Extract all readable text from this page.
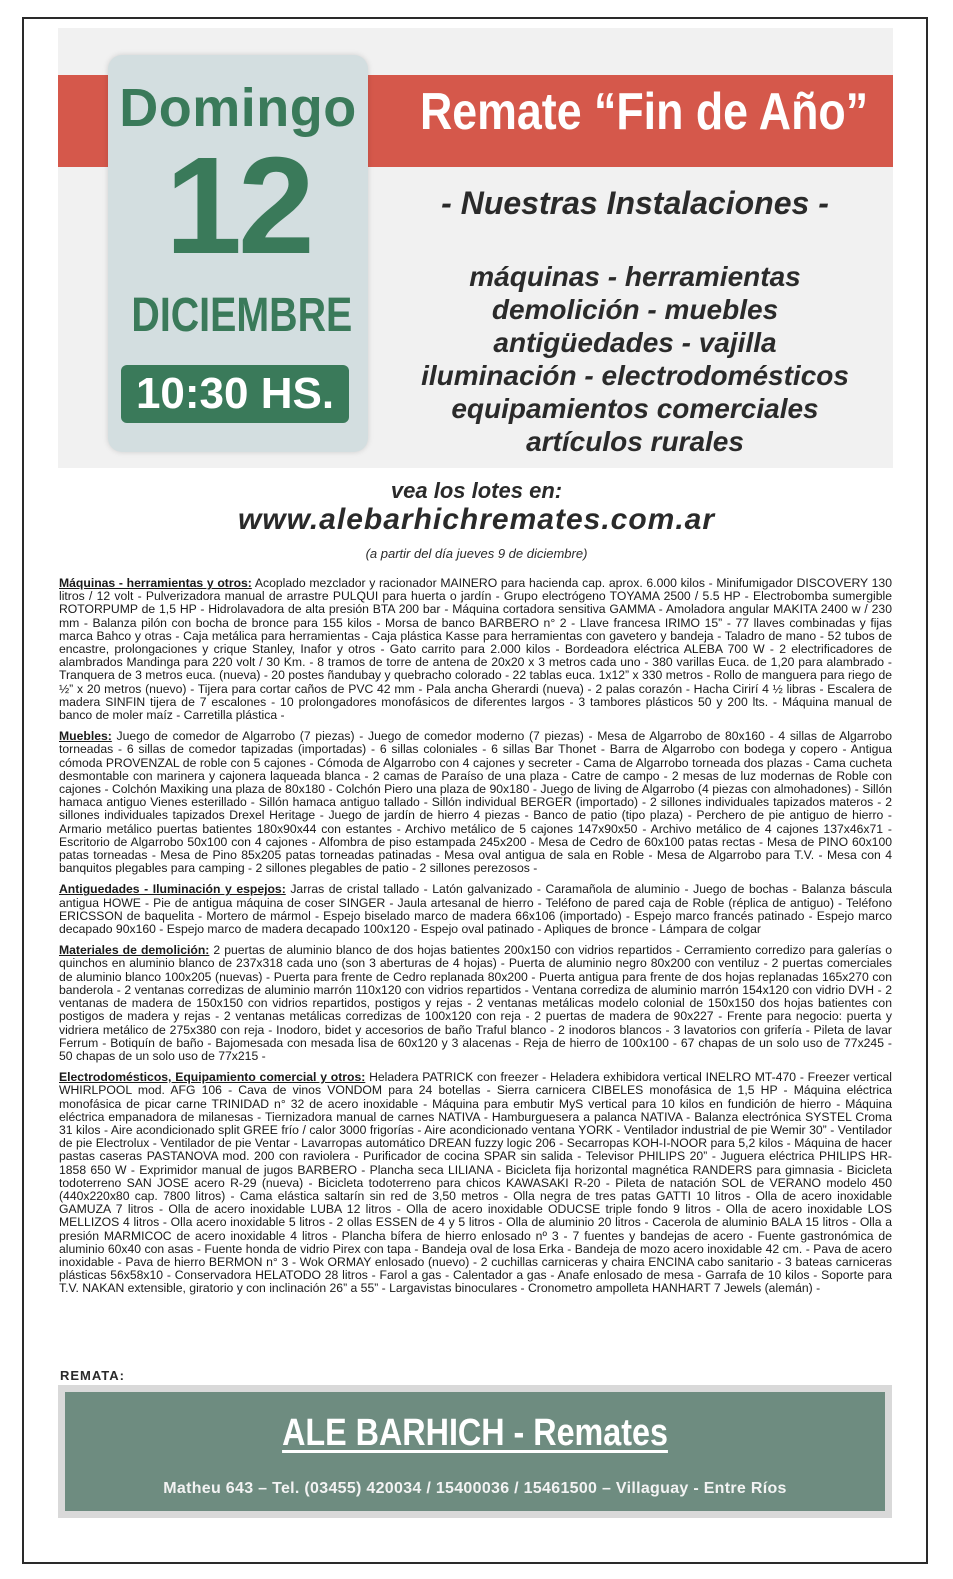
Domingo
12
DICIEMBRE
10:30 HS.
Remate “Fin de Año”
- Nuestras Instalaciones -
máquinas - herramientas
demolición - muebles
antigüedades - vajilla
iluminación - electrodomésticos
equipamientos comerciales
artículos rurales
vea los lotes en:
www.alebarhichremates.com.ar
(a partir del día jueves 9 de diciembre)

Máquinas - herramientas y otros: Acoplado mezclador y racionador MAINERO para hacienda cap. aprox. 6.000 kilos - Minifumigador DISCOVERY 130 litros / 12 volt - Pulverizadora manual de arrastre PULQUI para huerta o jardín - Grupo electrógeno TOYAMA 2500 / 5.5 HP - Electrobomba sumergible ROTORPUMP de 1,5 HP - Hidrolavadora de alta presión BTA 200 bar - Máquina cortadora sensitiva GAMMA - Amoladora angular MAKITA 2400 w / 230 mm - Balanza pilón con bocha de bronce para 155 kilos - Morsa de banco BARBERO n° 2 - Llave francesa IRIMO 15” - 77 llaves combinadas y fijas marca Bahco y otras - Caja metálica para herramientas - Caja plástica Kasse para herramientas con gavetero y bandeja - Taladro de mano - 52 tubos de encastre, prolongaciones y crique Stanley, Inafor y otros - Gato carrito para 2.000 kilos - Bordeadora eléctrica ALEBA 700 W - 2 electrificadores de alambrados Mandinga para 220 volt / 30 Km. - 8 tramos de torre de antena de 20x20 x 3 metros cada uno - 380 varillas Euca. de 1,20 para alambrado - Tranquera de 3 metros euca. (nueva) - 20 postes ñandubay y quebracho colorado - 22 tablas euca. 1x12” x 330 metros - Rollo de manguera para riego de ½” x 20 metros (nuevo) - Tijera para cortar caños de PVC 42 mm - Pala ancha Gherardi (nueva) - 2 palas corazón - Hacha Cirirí 4 ½ libras - Escalera de madera SINFIN tijera de 7 escalones - 10 prolongadores monofásicos de diferentes largos - 3 tambores plásticos 50 y 200 lts. - Máquina manual de banco de moler maíz - Carretilla plástica -

Muebles: Juego de comedor de Algarrobo (7 piezas) - Juego de comedor moderno (7 piezas) - Mesa de Algarrobo de 80x160 - 4 sillas de Algarrobo torneadas - 6 sillas de comedor tapizadas (importadas) - 6 sillas coloniales - 6 sillas Bar Thonet - Barra de Algarrobo con bodega y copero - Antigua cómoda PROVENZAL de roble con 5 cajones - Cómoda de Algarrobo con 4 cajones y secreter - Cama de Algarrobo torneada dos plazas - Cama cucheta desmontable con marinera y cajonera laqueada blanca - 2 camas de Paraíso de una plaza - Catre de campo - 2 mesas de luz modernas de Roble con cajones - Colchón Maxiking una plaza de 80x180 - Colchón Piero una plaza de 90x180 - Juego de living de Algarrobo (4 piezas con almohadones) - Sillón hamaca antiguo Vienes esterillado - Sillón hamaca antiguo tallado - Sillón individual BERGER (importado) - 2 sillones individuales tapizados materos - 2 sillones individuales tapizados Drexel Heritage - Juego de jardín de hierro 4 piezas - Banco de patio (tipo plaza) - Perchero de pie antiguo de hierro - Armario metálico puertas batientes 180x90x44 con estantes - Archivo metálico de 5 cajones 147x90x50 - Archivo metálico de 4 cajones 137x46x71 - Escritorio de Algarrobo 50x100 con 4 cajones - Alfombra de piso estampada 245x200 - Mesa de Cedro de 60x100 patas rectas - Mesa de PINO 60x100 patas torneadas - Mesa de Pino 85x205 patas torneadas patinadas - Mesa oval antigua de sala en Roble - Mesa de Algarrobo para T.V. - Mesa con 4 banquitos plegables para camping - 2 sillones plegables de patio - 2 sillones perezosos -

Antiguedades - Iluminación y espejos: Jarras de cristal tallado - Latón galvanizado - Caramañola de aluminio - Juego de bochas - Balanza báscula antigua HOWE - Pie de antigua máquina de coser SINGER - Jaula artesanal de hierro - Teléfono de pared caja de Roble (réplica de antiguo) - Teléfono ERICSSON de baquelita - Mortero de mármol - Espejo biselado marco de madera 66x106 (importado) - Espejo marco francés patinado - Espejo marco decapado 90x160 - Espejo marco de madera decapado 100x120 - Espejo oval patinado - Apliques de bronce - Lámpara de colgar

Materiales de demolición: 2 puertas de aluminio blanco de dos hojas batientes 200x150 con vidrios repartidos - Cerramiento corredizo para galerías o quinchos en aluminio blanco de 237x318 cada uno (son 3 aberturas de 4 hojas) - Puerta de aluminio negro 80x200 con ventiluz - 2 puertas comerciales de aluminio blanco 100x205 (nuevas) - Puerta para frente de Cedro replanada 80x200 - Puerta antigua para frente de dos hojas replanadas 165x270 con banderola - 2 ventanas corredizas de aluminio marrón 110x120 con vidrios repartidos - Ventana corrediza de aluminio marrón 154x120 con vidrio DVH - 2 ventanas de madera de 150x150 con vidrios repartidos, postigos y rejas - 2 ventanas metálicas modelo colonial de 150x150 dos hojas batientes con postigos de madera y rejas - 2 ventanas metálicas corredizas de 100x120 con reja - 2 puertas de madera de 90x227 - Frente para negocio: puerta y vidriera metálico de 275x380 con reja - Inodoro, bidet y accesorios de baño Traful blanco - 2 inodoros blancos - 3 lavatorios con grifería - Pileta de lavar Ferrum - Botiquín de baño - Bajomesada con mesada lisa de 60x120 y 3 alacenas - Reja de hierro de 100x100 - 67 chapas de un solo uso de 77x245 - 50 chapas de un solo uso de 77x215 -

Electrodomésticos, Equipamiento comercial y otros: Heladera PATRICK con freezer - Heladera exhibidora vertical INELRO MT-470 - Freezer vertical WHIRLPOOL mod. AFG 106 - Cava de vinos VONDOM para 24 botellas - Sierra carnicera CIBELES monofásica de 1,5 HP - Máquina eléctrica monofásica de picar carne TRINIDAD n° 32 de acero inoxidable - Máquina para embutir MyS vertical para 10 kilos en fundición de hierro - Máquina eléctrica empanadora de milanesas - Tiernizadora manual de carnes NATIVA - Hamburguesera a palanca NATIVA - Balanza electrónica SYSTEL Croma 31 kilos - Aire acondicionado split GREE frío / calor 3000 frigorías - Aire acondicionado ventana YORK - Ventilador industrial de pie Wemir 30” - Ventilador de pie Electrolux - Ventilador de pie Ventar - Lavarropas automático DREAN fuzzy logic 206 - Secarropas KOH-I-NOOR para 5,2 kilos - Máquina de hacer pastas caseras PASTANOVA mod. 200 con raviolera - Purificador de cocina SPAR sin salida - Televisor PHILIPS 20” - Juguera eléctrica PHILIPS HR-1858 650 W - Exprimidor manual de jugos BARBERO - Plancha seca LILIANA - Bicicleta fija horizontal magnética RANDERS para gimnasia - Bicicleta todoterreno SAN JOSE acero R-29 (nueva) - Bicicleta todoterreno para chicos KAWASAKI R-20 - Pileta de natación SOL de VERANO modelo 450 (440x220x80 cap. 7800 litros) - Cama elástica saltarín sin red de 3,50 metros - Olla negra de tres patas GATTI 10 litros - Olla de acero inoxidable GAMUZA 7 litros - Olla de acero inoxidable LUBA 12 litros - Olla de acero inoxidable ODUCSE triple fondo 9 litros - Olla de acero inoxidable LOS MELLIZOS 4 litros - Olla acero inoxidable 5 litros - 2 ollas ESSEN de 4 y 5 litros - Olla de aluminio 20 litros - Cacerola de aluminio BALA 15 litros - Olla a presión MARMICOC de acero inoxidable 4 litros - Plancha bífera de hierro enlosado nº 3 - 7 fuentes y bandejas de acero - Fuente gastronómica de aluminio 60x40 con asas - Fuente honda de vidrio Pirex con tapa - Bandeja oval de losa Erka - Bandeja de mozo acero inoxidable 42 cm. - Pava de acero inoxidable - Pava de hierro BERMON n° 3 - Wok ORMAY enlosado (nuevo) - 2 cuchillas carniceras y chaira ENCINA cabo sanitario - 3 bateas carniceras plásticas 56x58x10 - Conservadora HELATODO 28 litros - Farol a gas - Calentador a gas - Anafe enlosado de mesa - Garrafa de 10 kilos - Soporte para T.V. NAKAN extensible, giratorio y con inclinación 26” a 55” - Largavistas binoculares - Cronometro ampolleta HANHART 7 Jewels (alemán) -

REMATA:
ALE BARHICH - Remates
Matheu 643 – Tel. (03455) 420034 / 15400036 / 15461500 – Villaguay - Entre Ríos
